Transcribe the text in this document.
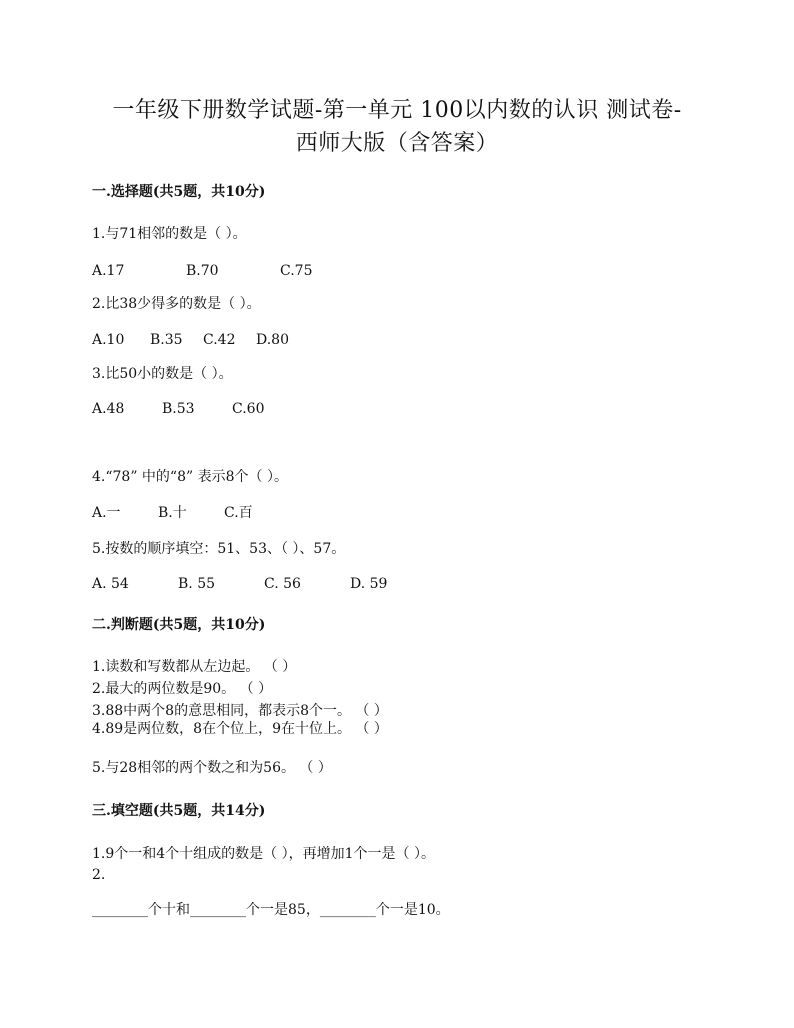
一年级下册数学试题-第一单元 100以内数的认识 测试卷-
西师大版（含答案）
一.选择题(共5题，共10分)
1.与71相邻的数是（ ）。
A.17	B.70	C.75
2.比38少得多的数是（ ）。
A.10 B.35 C.42 D.80
3.比50小的数是（ ）。
A.48	B.53	C.60
4.“78” 中的“8” 表示8个（ ）。
A.一	B.十	C.百
5.按数的顺序填空：51、53、（ ）、57。
A. 54	B. 55	C. 56	D. 59
二.判断题(共5题，共10分)
1.读数和写数都从左边起。 （ ）
2.最大的两位数是90。 （ ）
3.88中两个8的意思相同，都表示8个一。 （ ）
4.89是两位数，8在个位上，9在十位上。 （ ）
5.与28相邻的两个数之和为56。 （ ）
三.填空题(共5题，共14分)
1.9个一和4个十组成的数是（ ），再增加1个一是（ ）。
2.
________个十和________个一是85，________个一是10。
